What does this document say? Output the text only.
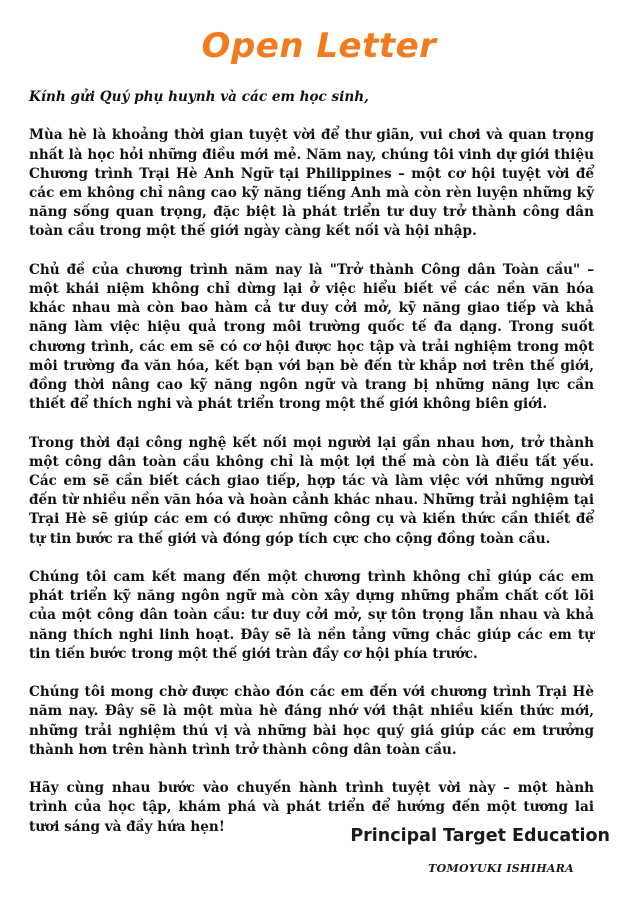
Open Letter

Kính gửi Quý phụ huynh và các em học sinh,

Mùa hè là khoảng thời gian tuyệt vời để thư giãn, vui chơi và quan trọng nhất là học hỏi những điều mới mẻ. Năm nay, chúng tôi vinh dự giới thiệu Chương trình Trại Hè Anh Ngữ tại Philippines – một cơ hội tuyệt vời để các em không chỉ nâng cao kỹ năng tiếng Anh mà còn rèn luyện những kỹ năng sống quan trọng, đặc biệt là phát triển tư duy trở thành công dân toàn cầu trong một thế giới ngày càng kết nối và hội nhập.

Chủ đề của chương trình năm nay là "Trở thành Công dân Toàn cầu" – một khái niệm không chỉ dừng lại ở việc hiểu biết về các nền văn hóa khác nhau mà còn bao hàm cả tư duy cởi mở, kỹ năng giao tiếp và khả năng làm việc hiệu quả trong môi trường quốc tế đa dạng. Trong suốt chương trình, các em sẽ có cơ hội được học tập và trải nghiệm trong một môi trường đa văn hóa, kết bạn với bạn bè đến từ khắp nơi trên thế giới, đồng thời nâng cao kỹ năng ngôn ngữ và trang bị những năng lực cần thiết để thích nghi và phát triển trong một thế giới không biên giới.

Trong thời đại công nghệ kết nối mọi người lại gần nhau hơn, trở thành một công dân toàn cầu không chỉ là một lợi thế mà còn là điều tất yếu. Các em sẽ cần biết cách giao tiếp, hợp tác và làm việc với những người đến từ nhiều nền văn hóa và hoàn cảnh khác nhau. Những trải nghiệm tại Trại Hè sẽ giúp các em có được những công cụ và kiến thức cần thiết để tự tin bước ra thế giới và đóng góp tích cực cho cộng đồng toàn cầu.

Chúng tôi cam kết mang đến một chương trình không chỉ giúp các em phát triển kỹ năng ngôn ngữ mà còn xây dựng những phẩm chất cốt lõi của một công dân toàn cầu: tư duy cởi mở, sự tôn trọng lẫn nhau và khả năng thích nghi linh hoạt. Đây sẽ là nền tảng vững chắc giúp các em tự tin tiến bước trong một thế giới tràn đầy cơ hội phía trước.

Chúng tôi mong chờ được chào đón các em đến với chương trình Trại Hè năm nay. Đây sẽ là một mùa hè đáng nhớ với thật nhiều kiến thức mới, những trải nghiệm thú vị và những bài học quý giá giúp các em trưởng thành hơn trên hành trình trở thành công dân toàn cầu.

Hãy cùng nhau bước vào chuyến hành trình tuyệt vời này – một hành trình của học tập, khám phá và phát triển để hướng đến một tương lai tươi sáng và đầy hứa hẹn!	Principal Target Education
TOMOYUKI ISHIHARA
